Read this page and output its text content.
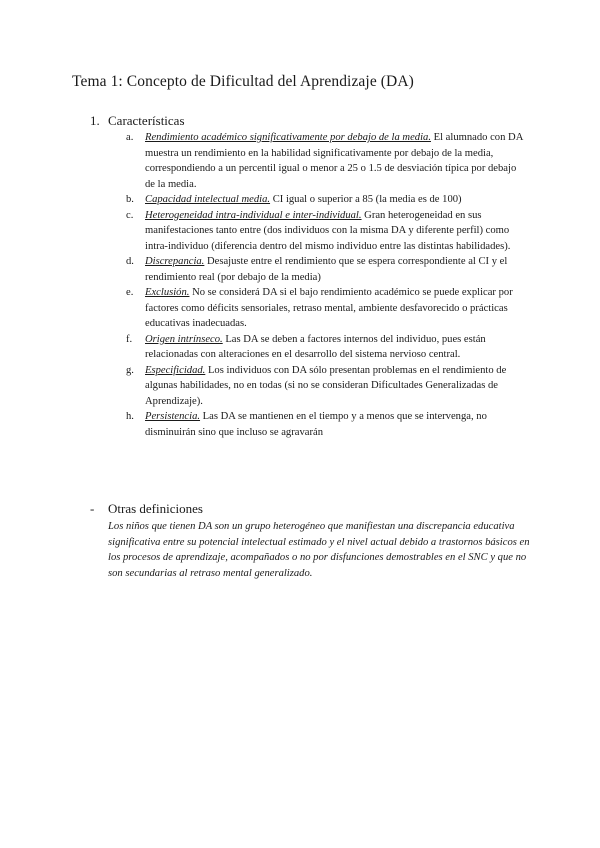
Tema 1: Concepto de Dificultad del Aprendizaje (DA)
1. Características
a. Rendimiento académico significativamente por debajo de la media. El alumnado con DA muestra un rendimiento en la habilidad significativamente por debajo de la media, correspondiendo a un percentil igual o menor a 25 o 1.5 de desviación típica por debajo de la media.
b. Capacidad intelectual media. CI igual o superior a 85 (la media es de 100)
c. Heterogeneidad intra-individual e inter-individual. Gran heterogeneidad en sus manifestaciones tanto entre (dos individuos con la misma DA y diferente perfil) como intra-individuo (diferencia dentro del mismo individuo entre las distintas habilidades).
d. Discrepancia. Desajuste entre el rendimiento que se espera correspondiente al CI y el rendimiento real (por debajo de la media)
e. Exclusión. No se considerá DA si el bajo rendimiento académico se puede explicar por factores como déficits sensoriales, retraso mental, ambiente desfavorecido o prácticas educativas inadecuadas.
f. Origen intrínseco. Las DA se deben a factores internos del individuo, pues están relacionadas con alteraciones en el desarrollo del sistema nervioso central.
g. Especificidad. Los individuos con DA sólo presentan problemas en el rendimiento de algunas habilidades, no en todas (si no se consideran Dificultades Generalizadas de Aprendizaje).
h. Persistencia. Las DA se mantienen en el tiempo y a menos que se intervenga, no disminuirán sino que incluso se agravarán
- Otras definiciones
Los niños que tienen DA son un grupo heterogéneo que manifiestan una discrepancia educativa significativa entre su potencial intelectual estimado y el nivel actual debido a trastornos básicos en los procesos de aprendizaje, acompañados o no por disfunciones demostrables en el SNC y que no son secundarias al retraso mental generalizado.
